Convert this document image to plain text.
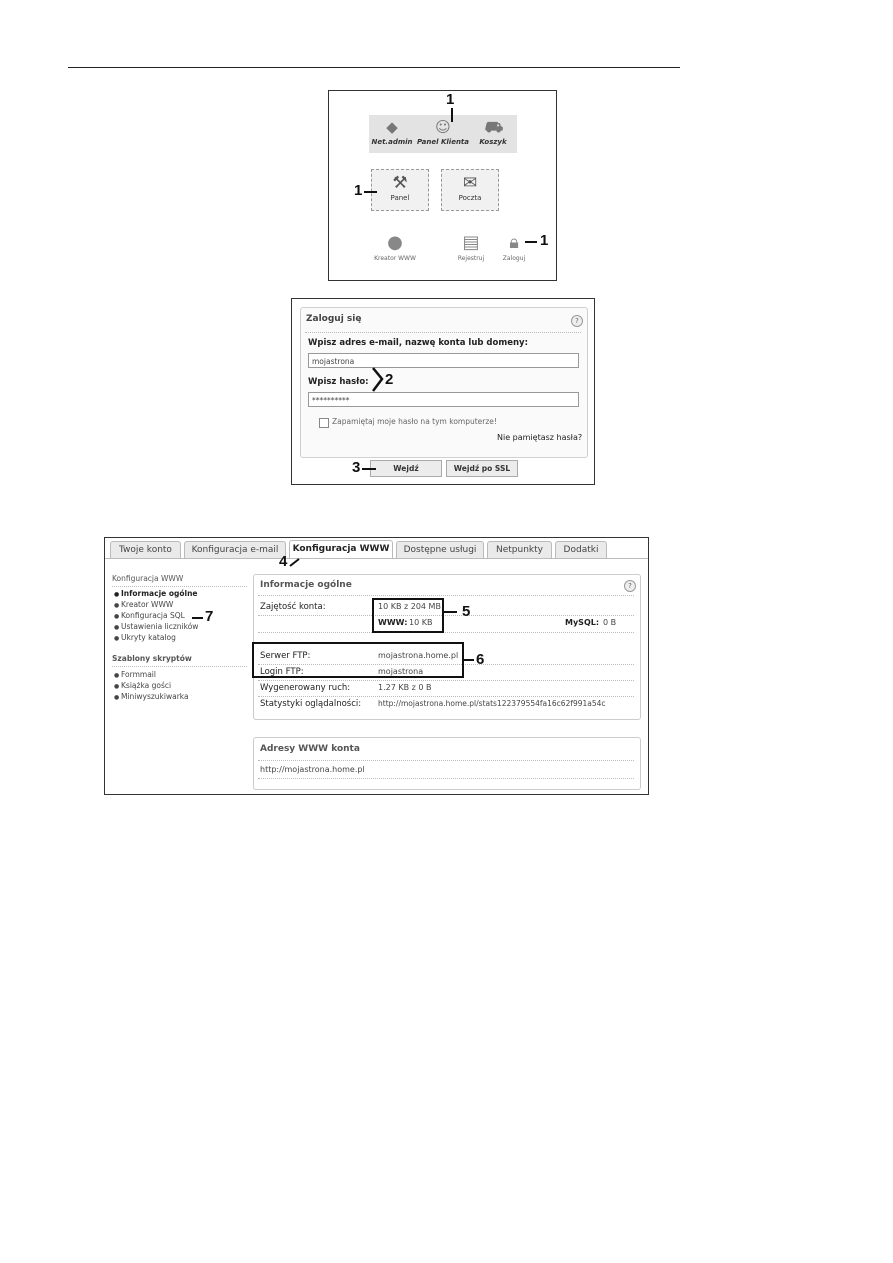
◆
Net.admin
☺
Panel Klienta
⛟
Koszyk
⚒
Panel
✉
Poczta
●
Kreator WWW
▤
Rejestruj
🔒︎
Zaloguj
1
1
1
Zaloguj się	?
Wpisz adres e-mail, nazwę konta lub domeny:
mojastrona
Wpisz hasło:
**********
Zapamiętaj moje hasło na tym komputerze!
Nie pamiętasz hasła?
Wejdź	Wejdź po SSL
2
3
Twoje konto	Konfiguracja e-mail	Konfiguracja WWW	Dostępne usługi	Netpunkty	Dodatki
Konfiguracja WWW
● Informacje ogólne
● Kreator WWW
● Konfiguracja SQL
● Ustawienia liczników
● Ukryty katalog
Szablony skryptów
● Formmail
● Książka gości
● Miniwyszukiwarka
Informacje ogólne	?
Zajętość konta:	10 KB z 204 MB
WWW: 10 KB	MySQL: 0 B
Serwer FTP:	mojastrona.home.pl
Login FTP:	mojastrona
Wygenerowany ruch:	1.27 KB z 0 B
Statystyki oglądalności: http://mojastrona.home.pl/stats122379554fa16c62f991a54c
Adresy WWW konta
http://mojastrona.home.pl
5
6
7
4
